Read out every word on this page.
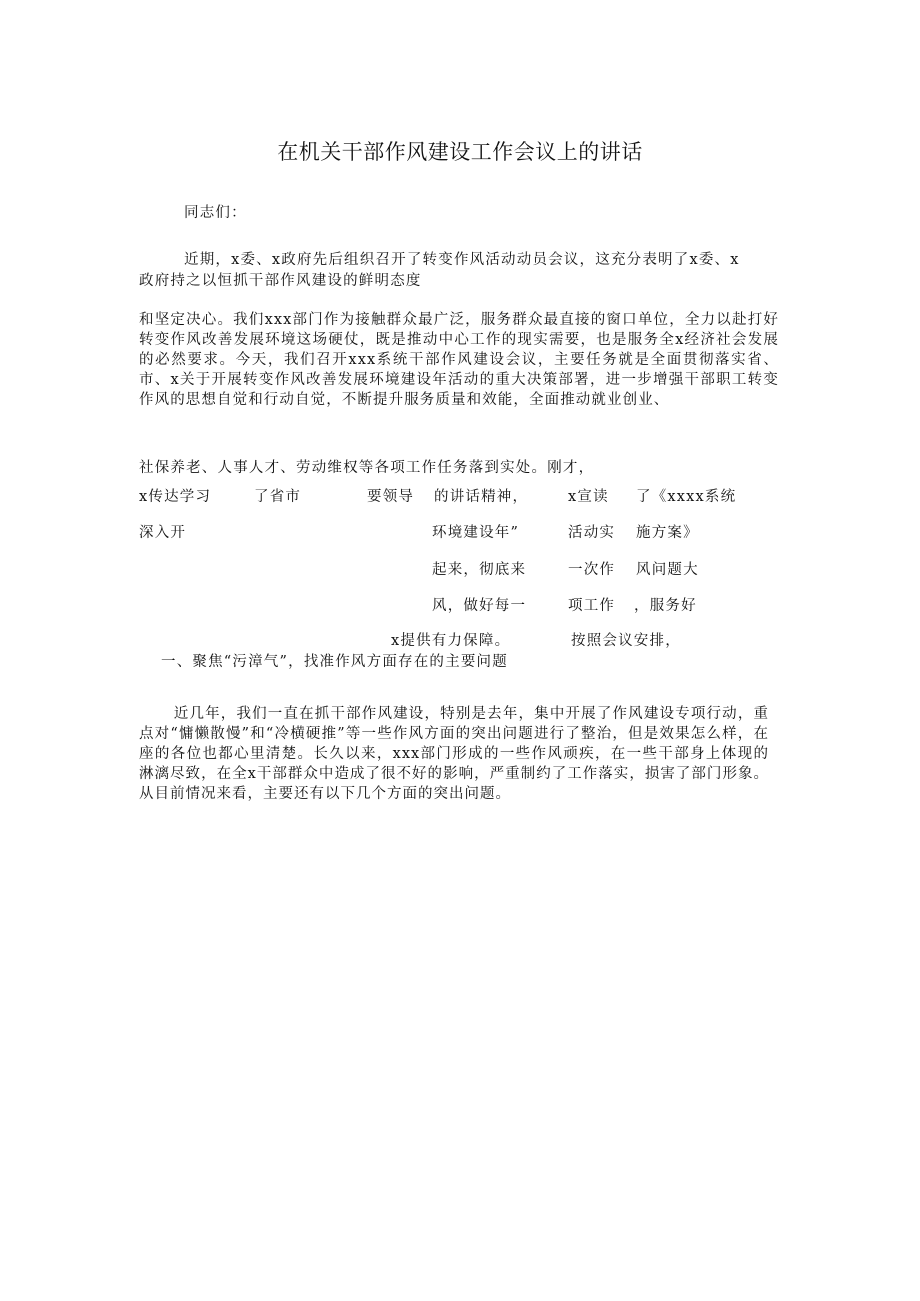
在机关干部作风建设工作会议上的讲话
同志们：
近期，x委、x政府先后组织召开了转变作风活动动员会议，这充分表明了x委、x
政府持之以恒抓干部作风建设的鲜明态度
和坚定决心。我们xxx部门作为接触群众最广泛，服务群众最直接的窗口单位，全力以赴打好转变作风改善发展环境这场硬仗，既是推动中心工作的现实需要，也是服务全x经济社会发展的必然要求。今天，我们召开xxx系统干部作风建设会议，主要任务就是全面贯彻落实省、市、x关于开展转变作风改善发展环境建设年活动的重大决策部署，进一步增强干部职工转变作风的思想自觉和行动自觉，不断提升服务质量和效能，全面推动就业创业、
社保养老、人事人才、劳动维权等各项工作任务落到实处。刚才，
x传达学习	了省市	要领导 的讲话精神，	x宣读 了《xxxx系统
深入开	环境建设年”	活动实 施方案》
起来，彻底来	一次作 风问题大
风，做好每一	项工作 ，服务好
x提供有力保障。	按照会议安排，
一、聚焦“污漳气”，找准作风方面存在的主要问题
近几年，我们一直在抓干部作风建设，特别是去年，集中开展了作风建设专项行动，重点对“慵懒散慢”和“冷横硬推”等一些作风方面的突出问题进行了整治，但是效果怎么样，在座的各位也都心里清楚。长久以来，xxx部门形成的一些作风顽疾，在一些干部身上体现的淋漓尽致，在全x干部群众中造成了很不好的影响，严重制约了工作落实，损害了部门形象。从目前情况来看，主要还有以下几个方面的突出问题。
